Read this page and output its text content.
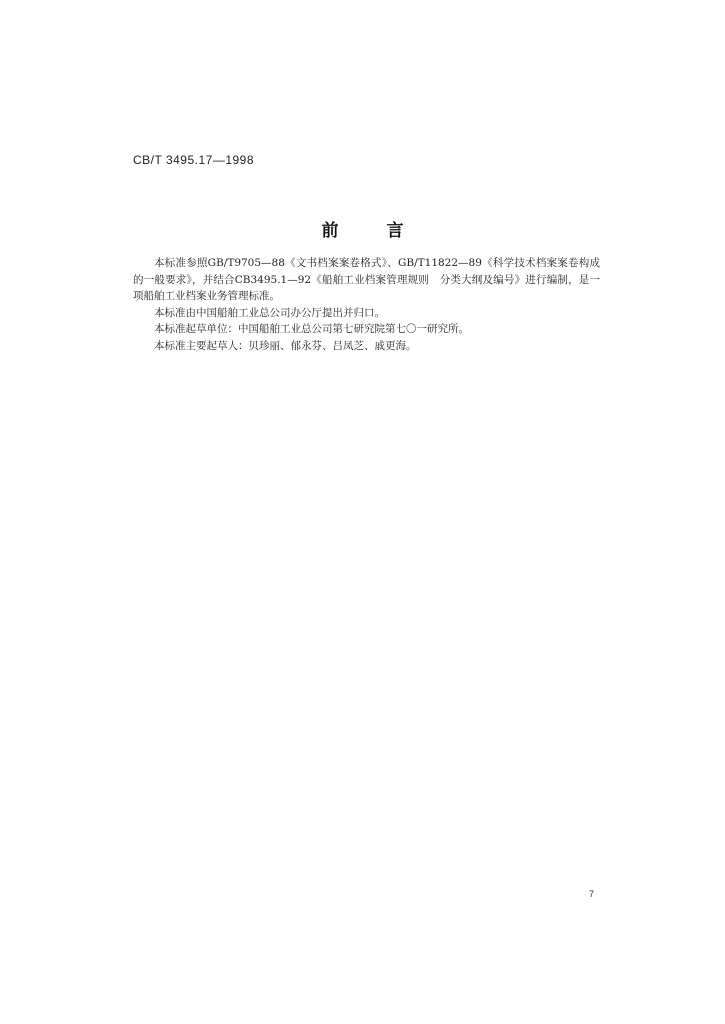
CB/T 3495.17—1998
前	言

本标准参照GB/T9705—88《文书档案案卷格式》、GB/T11822—89《科学技术档案案卷构成的一般要求》，并结合CB3495.1—92《船舶工业档案管理规则　分类大纲及编号》进行编制，是一项船舶工业档案业务管理标准。

本标准由中国船舶工业总公司办公厅提出并归口。

本标准起草单位：中国船舶工业总公司第七研究院第七〇一研究所。

本标准主要起草人：贝珍丽、郁永芬、吕凤芝、戚更海。

7
